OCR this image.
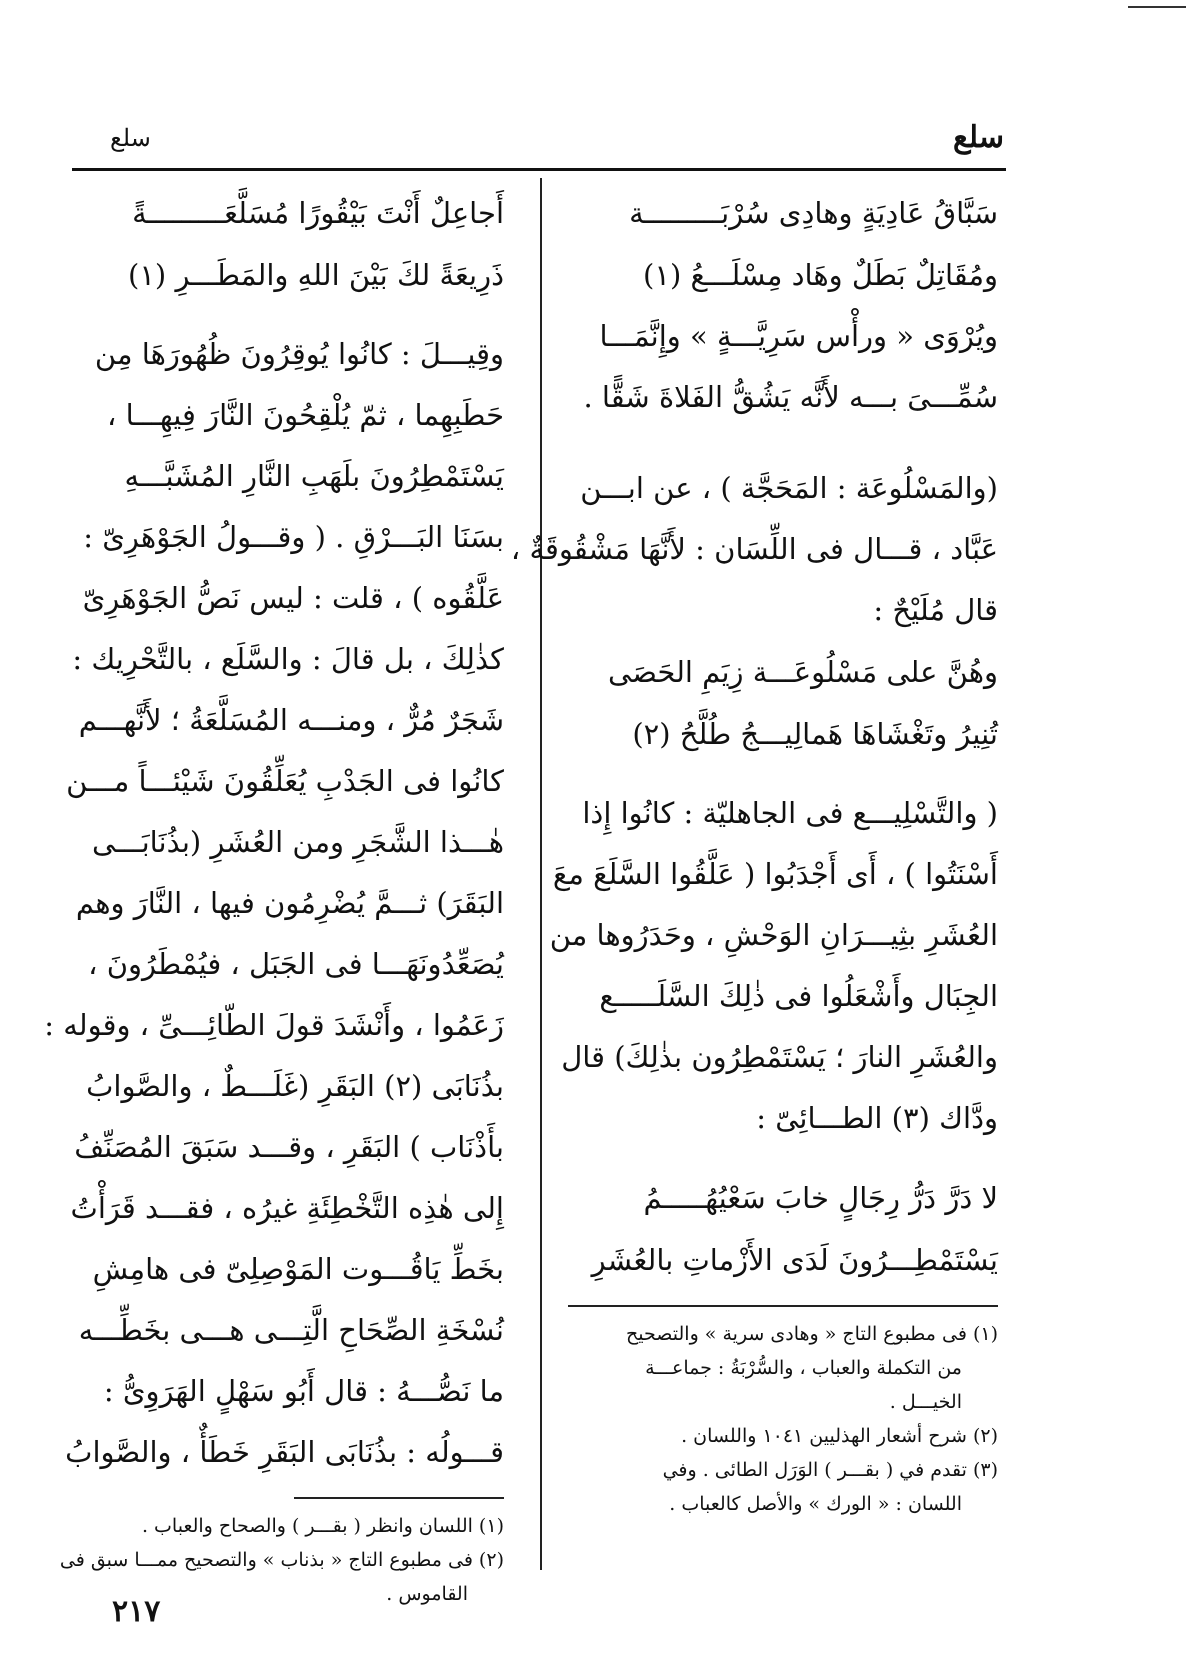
سلع
سلع
سَبَّاقُ عَادِيَةٍ وهادِى سُرْبَـــــــــة
ومُقَاتِلٌ بَطَلٌ وهَاد مِسْلَـــعُ (١)
ويُرْوَى « ورأْس سَرِيَّـــةٍ » وإِنَّمَـــا
سُمِّـــىَ بـــه لأَنَّه يَشُقُّ الفَلاةَ شَقًّا .
(والمَسْلُوعَة : المَحَجَّة ) ، عن ابـــن
عَبَّاد ، قـــال فى اللِّسَان : لأَنَّهَا مَشْقُوقَةٌ ،
قال مُلَيْحٌ :
وهُنَّ على مَسْلُوعَـــة زِيَمِ الحَصَى
تُنِيرُ وتَغْشَاهَا هَمالِيـــجُ طُلَّحُ (٢)
( والتَّسْلِيـــع فى الجاهليّة : كانُوا إِذا
أَسْنَتُوا ) ، أَى أَجْدَبُوا ( عَلَّقُوا السَّلَعَ معَ
العُشَرِ بثِيـــرَانِ الوَحْشِ ، وحَدَرُوها من
الجِبَال وأَشْعَلُوا فى ذٰلِكَ السَّلَـــــع
والعُشَرِ النارَ ؛ يَسْتَمْطِرُون بذٰلِكَ) قال
ودَّاك (٣) الطـــائِىّ :
لا دَرَّ دَرُّ رِجَالٍ خابَ سَعْيُهُـــــمُ
يَسْتَمْطِـــرُونَ لَدَى الأَزْماتِ بالعُشَرِ
(١) فى مطبوع التاج « وهادى سرية » والتصحيح
من التكملة والعباب ، والسُّرْبَةُ : جماعـــة
الخيـــل .
(٢) شرح أشعار الهذليين ١٠٤١ واللسان .
(٣) تقدم في ( بقـــر ) الوَرَل الطائى . وفي
اللسان : « الورك » والأصل كالعباب .
أَجاعِلٌ أَنْتَ بَيْقُورًا مُسَلَّعَـــــــــةً
ذَرِيعَةً لكَ بَيْنَ اللهِ والمَطَـــرِ (١)
وقِيـــلَ : كانُوا يُوقِرُونَ ظُهُورَهَا مِن
حَطَبِهِما ، ثمّ يُلْقِحُونَ النَّارَ فِيهِـــا ،
يَسْتَمْطِرُونَ بلَهَبِ النَّارِ المُشَبَّـــهِ
بسَنَا البَـــرْقِ . ( وقـــولُ الجَوْهَرِىّ :
عَلَّقُوه ) ، قلت : ليس نَصُّ الجَوْهَرِىّ
كذٰلِكَ ، بل قالَ : والسَّلَع ، بالتَّحْرِيك :
شَجَرٌ مُرٌّ ، ومنـــه المُسَلَّعَةُ ؛ لأَنَّهـــم
كانُوا فى الجَدْبِ يُعَلِّقُونَ شَيْئـــاً مـــن
هٰـــذا الشَّجَرِ ومن العُشَرِ (بذُنَابَـــى
البَقَرَ) ثـــمَّ يُضْرِمُون فيها ، النَّارَ وهم
يُصَعِّدُونَهَـــا فى الجَبَل ، فيُمْطَرُونَ ،
زَعَمُوا ، وأَنْشَدَ قولَ الطّائِـــىِّ ، وقوله :
بذُنَابَى (٢) البَقَرِ (غَلَـــطٌ ، والصَّوابُ
بأَذْنَاب ) البَقَرِ ، وقـــد سَبَقَ المُصَنِّفُ
إِلى هٰذِه التَّخْطِئَةِ غيرُه ، فقـــد قَرَأْتُ
بخَطِّ يَاقُـــوت المَوْصِلِىّ فى هامِشِ
نُسْخَةِ الصِّحَاحِ الَّتِـــى هـــى بخَطِّـــه
ما نَصُّـــهُ : قال أَبُو سَهْلٍ الهَرَوِىُّ :
قـــولُه : بذُنَابَى البَقَرِ خَطَأٌ ، والصَّوابُ
(١) اللسان وانظر ( بقـــر ) والصحاح والعباب .
(٢) فى مطبوع التاج « بذناب » والتصحيح ممـــا سبق فى
القاموس .
٢١٧
